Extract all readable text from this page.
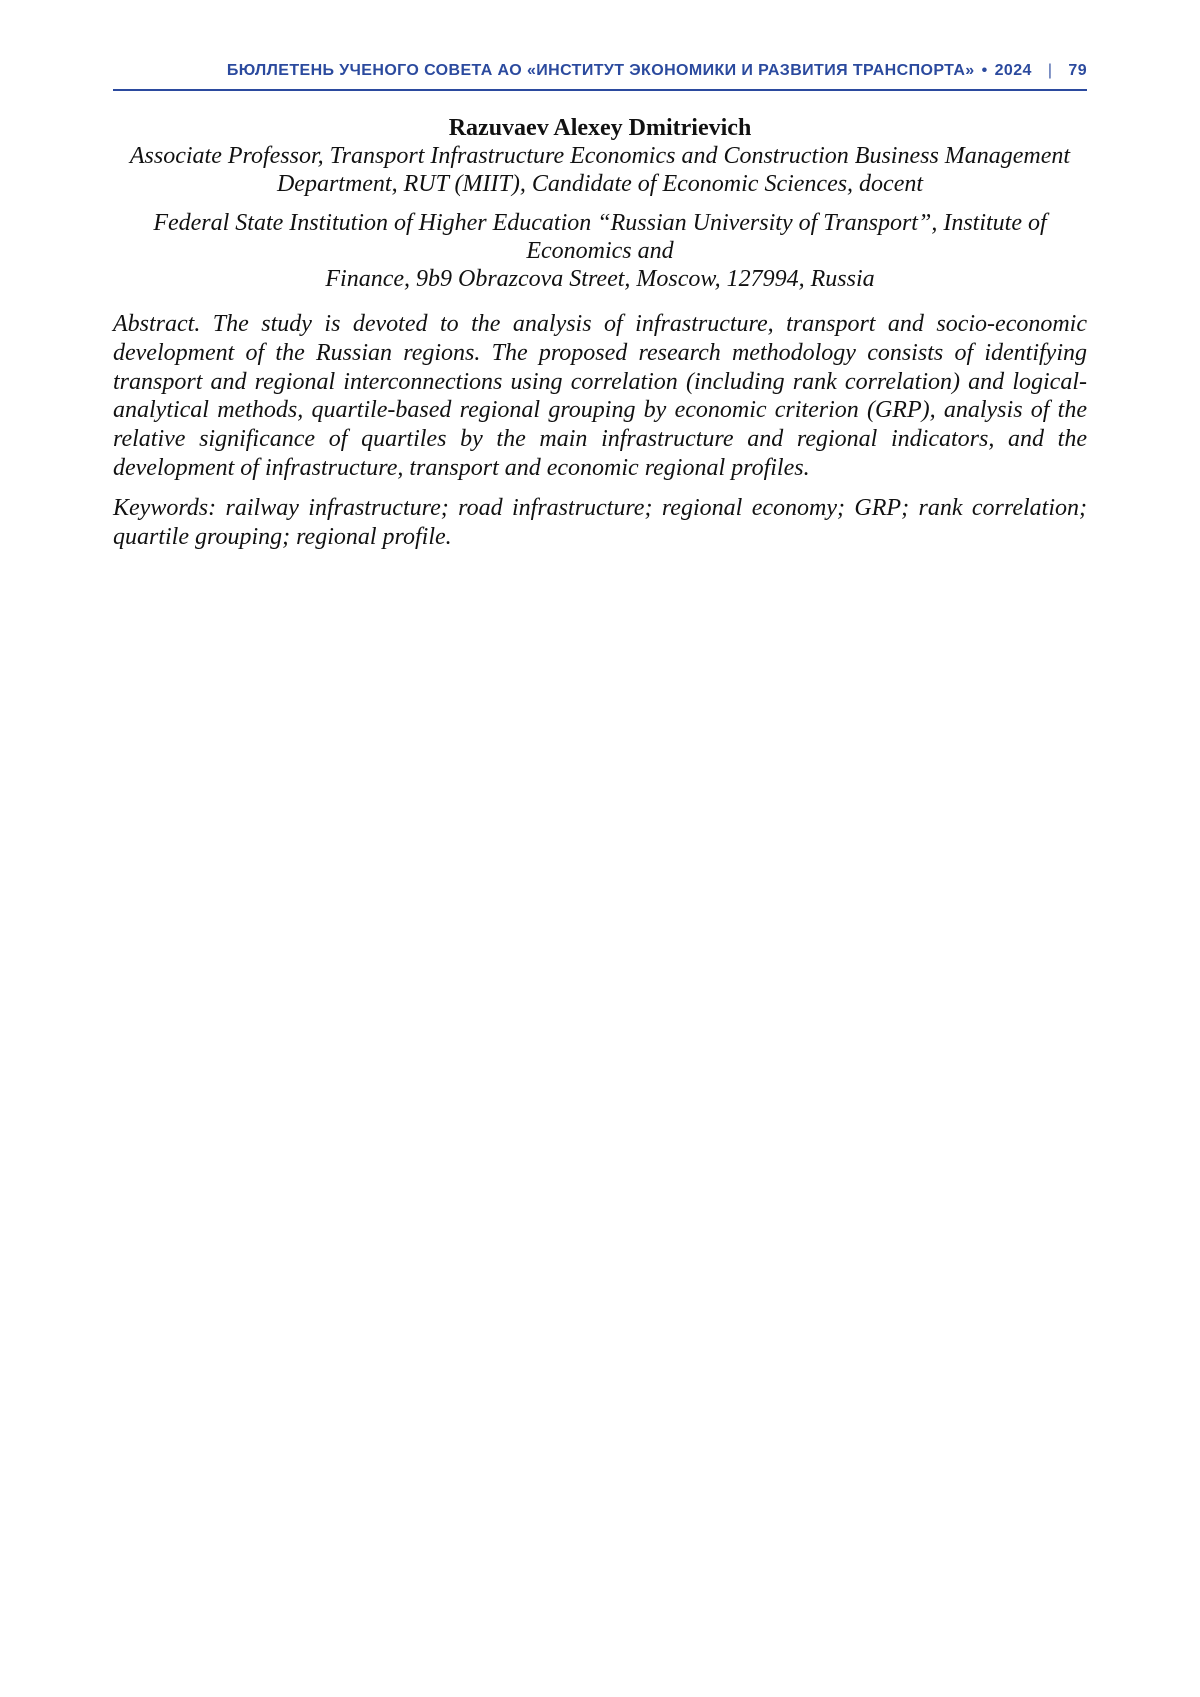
БЮЛЛЕТЕНЬ УЧЕНОГО СОВЕТА АО «ИНСТИТУТ ЭКОНОМИКИ И РАЗВИТИЯ ТРАНСПОРТА» • 2024 | 79
Razuvaev Alexey Dmitrievich
Associate Professor, Transport Infrastructure Economics and Construction Business Management
Department, RUT (MIIT), Candidate of Economic Sciences, docent
Federal State Institution of Higher Education “Russian University of Transport”, Institute of Economics and
Finance, 9b9 Obrazcova Street, Moscow, 127994, Russia

Abstract. The study is devoted to the analysis of infrastructure, transport and socio-economic development of the Russian regions. The proposed research methodology consists of identifying transport and regional interconnections using correlation (including rank correlation) and logical-analytical methods, quartile-based regional grouping by economic criterion (GRP), analysis of the relative significance of quartiles by the main infrastructure and regional indicators, and the development of infrastructure, transport and economic regional profiles.

Keywords: railway infrastructure; road infrastructure; regional economy; GRP; rank correlation; quartile grouping; regional profile.
